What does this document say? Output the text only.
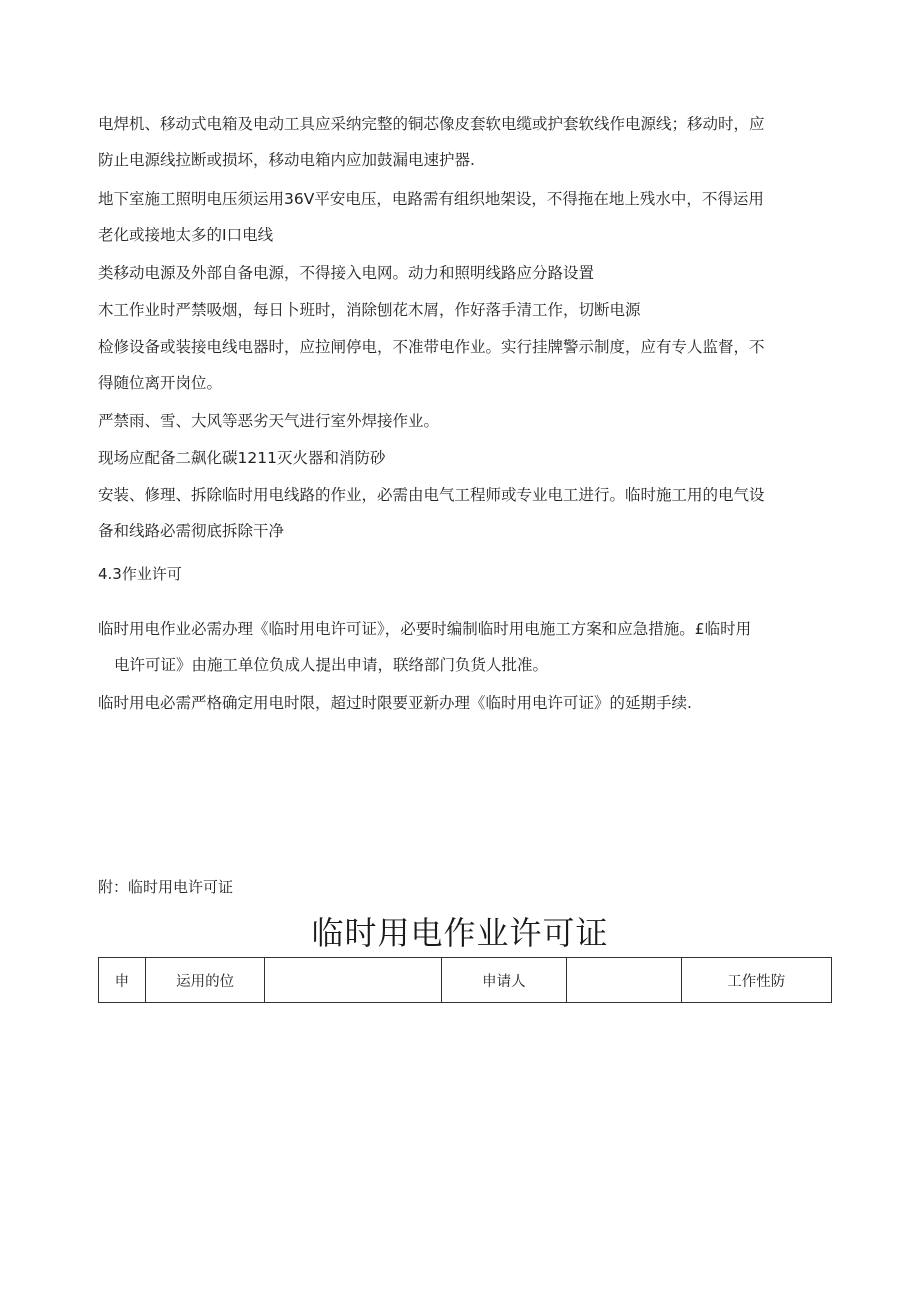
电焊机、移动式电箱及电动工具应采纳完整的铜芯像皮套软电缆或护套软线作电源线；移动时，应
防止电源线拉断或损坏，移动电箱内应加鼓漏电速护器.

地下室施工照明电压须运用36V平安电压，电路需有组织地架设，不得拖在地上残水中，不得运用
老化或接地太多的I口电线

类移动电源及外部自备电源，不得接入电网。动力和照明线路应分路设置

木工作业时严禁吸烟，每日卜班时，消除刨花木屑，作好落手清工作，切断电源

检修设备或装接电线电器时，应拉闸停电，不准带电作业。实行挂牌警示制度，应有专人监督，不
得随位离开岗位。

严禁雨、雪、大风等恶劣天气进行室外焊接作业。

现场应配备二飙化碳1211灭火器和消防砂

安装、修理、拆除临时用电线路的作业，必需由电气工程师或专业电工进行。临时施工用的电气设
备和线路必需彻底拆除干净

4.3作业许可

临时用电作业必需办理《临时用电许可证》，必要时编制临时用电施工方案和应急措施。£临时用
电许可证》由施工单位负成人提出申请，联络部门负货人批准。

临时用电必需严格确定用电时限，超过时限要亚新办理《临时用电许可证》的延期手续.

附：临时用电许可证
临时用电作业许可证
申	运用的位		申请人		工作性防
